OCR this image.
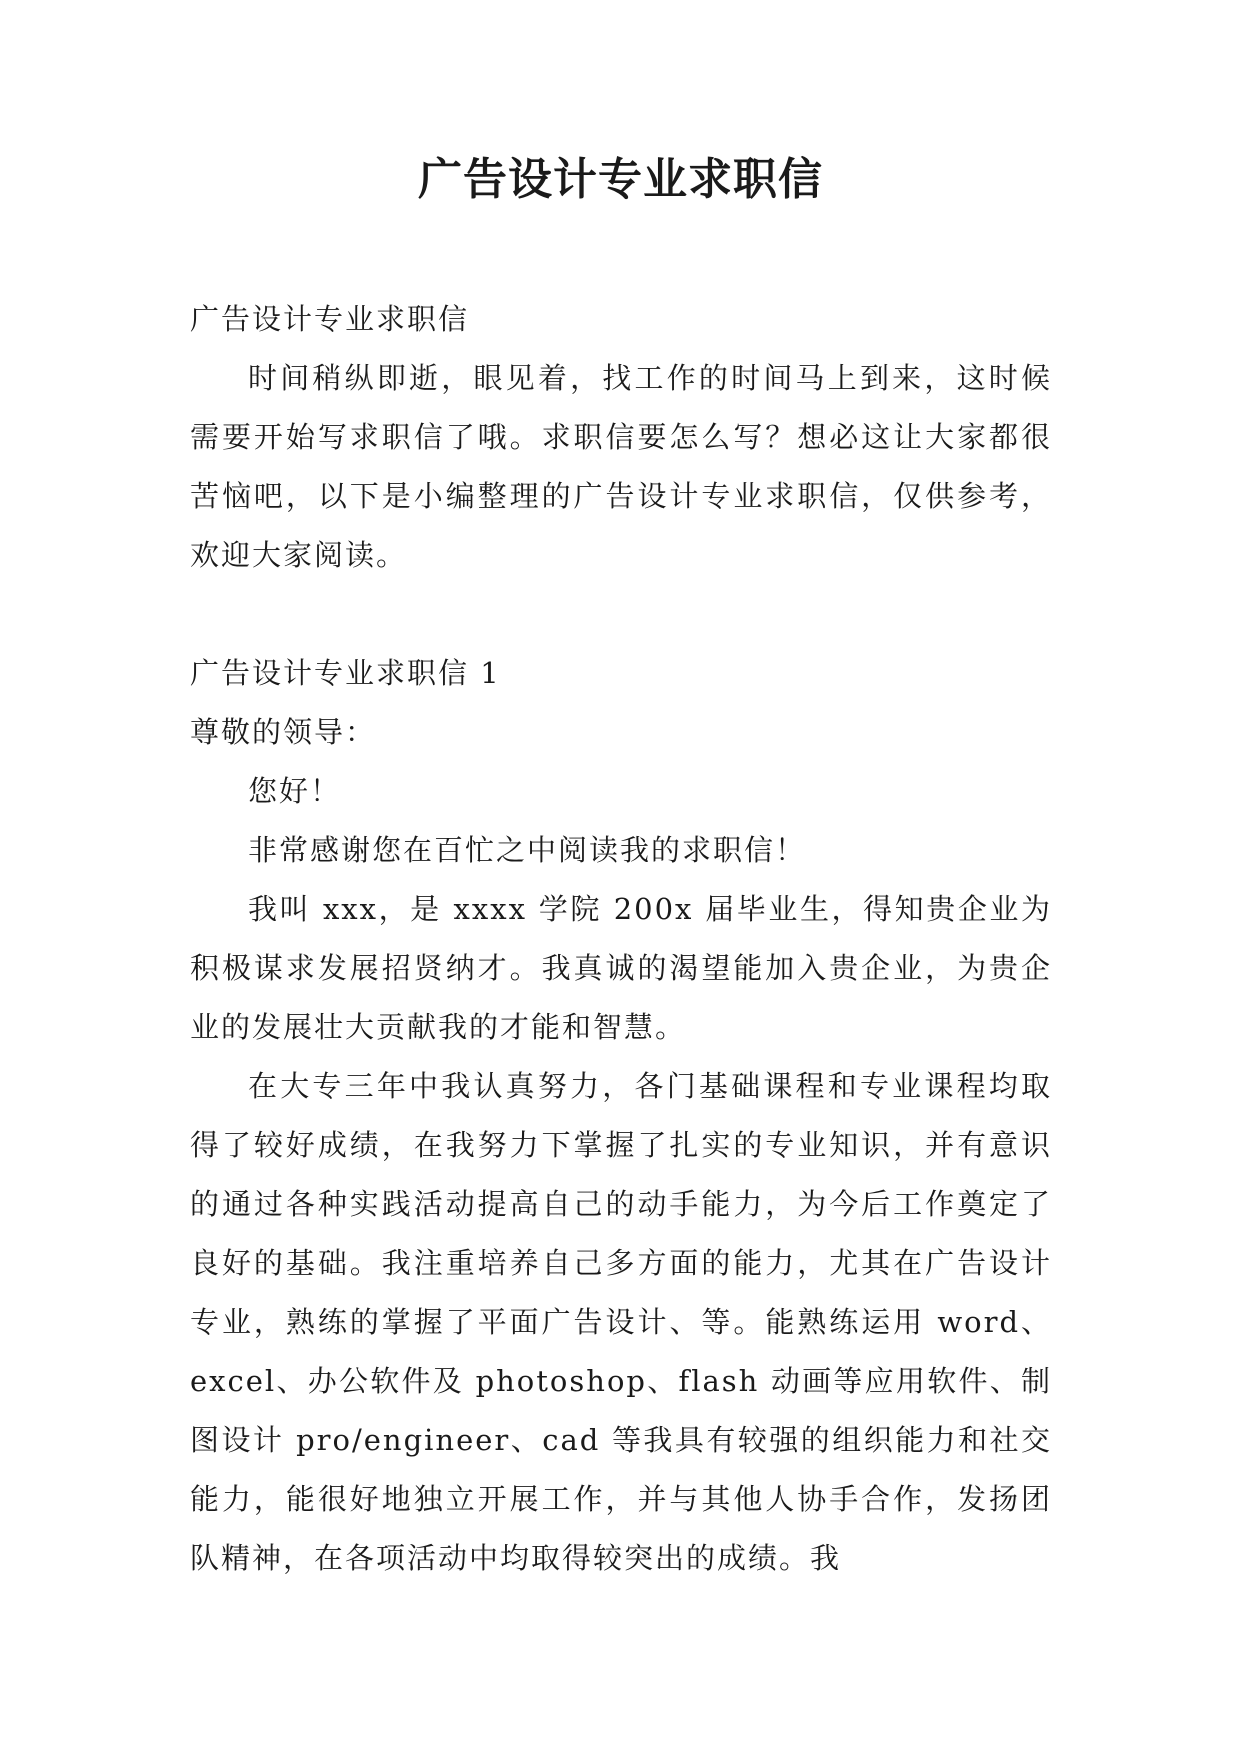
广告设计专业求职信

广告设计专业求职信

时间稍纵即逝，眼见着，找工作的时间马上到来，这时候需要开始写求职信了哦。求职信要怎么写？想必这让大家都很苦恼吧，以下是小编整理的广告设计专业求职信，仅供参考，欢迎大家阅读。

广告设计专业求职信 1

尊敬的领导：

您好！

非常感谢您在百忙之中阅读我的求职信！

我叫 xxx，是 xxxx 学院 200x 届毕业生，得知贵企业为积极谋求发展招贤纳才。我真诚的渴望能加入贵企业，为贵企业的发展壮大贡献我的才能和智慧。

在大专三年中我认真努力，各门基础课程和专业课程均取得了较好成绩，在我努力下掌握了扎实的专业知识，并有意识的通过各种实践活动提高自己的动手能力，为今后工作奠定了良好的基础。我注重培养自己多方面的能力，尤其在广告设计专业，熟练的掌握了平面广告设计、等。能熟练运用 word、excel、办公软件及 photoshop、flash 动画等应用软件、制图设计 pro/engineer、cad 等我具有较强的组织能力和社交能力，能很好地独立开展工作，并与其他人协手合作，发扬团队精神，在各项活动中均取得较突出的成绩。我
